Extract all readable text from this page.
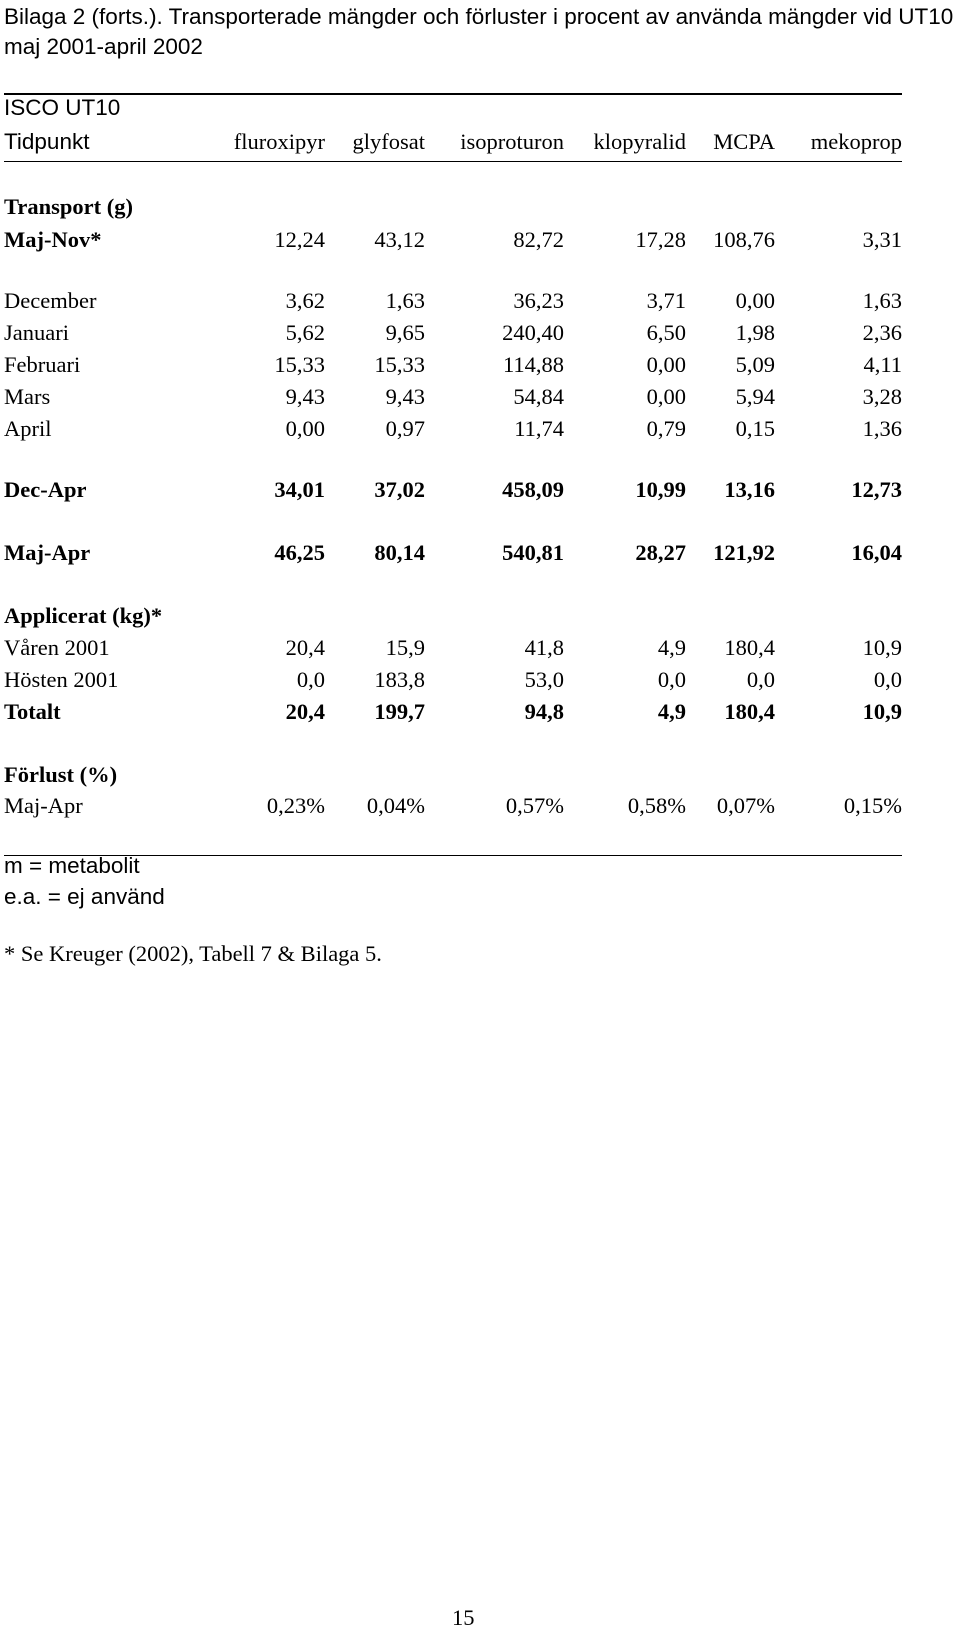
Bilaga 2 (forts.). Transporterade mängder och förluster i procent av använda mängder vid UT10 maj 2001-april 2002

ISCO UT10
Tidpunkt	fluroxipyr glyfosat isoproturon klopyralid MCPA mekoprop
Transport (g)
Maj-Nov*	12,24 43,12	82,72	17,28 108,76	3,31
December	3,62	1,63	36,23	3,71 0,00	1,63
Januari	5,62	9,65	240,40	6,50 1,98	2,36
Februari	15,33 15,33	114,88	0,00 5,09	4,11
Mars	9,43	9,43	54,84	0,00 5,94	3,28
April	0,00	0,97	11,74	0,79 0,15	1,36
Dec-Apr	34,01 37,02	458,09	10,99 13,16	12,73
Maj-Apr	46,25 80,14	540,81	28,27 121,92	16,04
Våren 2001	20,4	15,9	41,8	4,9 180,4	10,9
Hösten 2001	0,0 183,8	53,0	0,0	0,0	0,0
Totalt	20,4 199,7	94,8	4,9 180,4	10,9
Maj-Apr	0,23% 0,04%	0,57%	0,58% 0,07%	0,15%
Applicerat (kg)*
Förlust (%)
m = metabolit
e.a. = ej använd
* Se Kreuger (2002), Tabell 7 & Bilaga 5.
15
